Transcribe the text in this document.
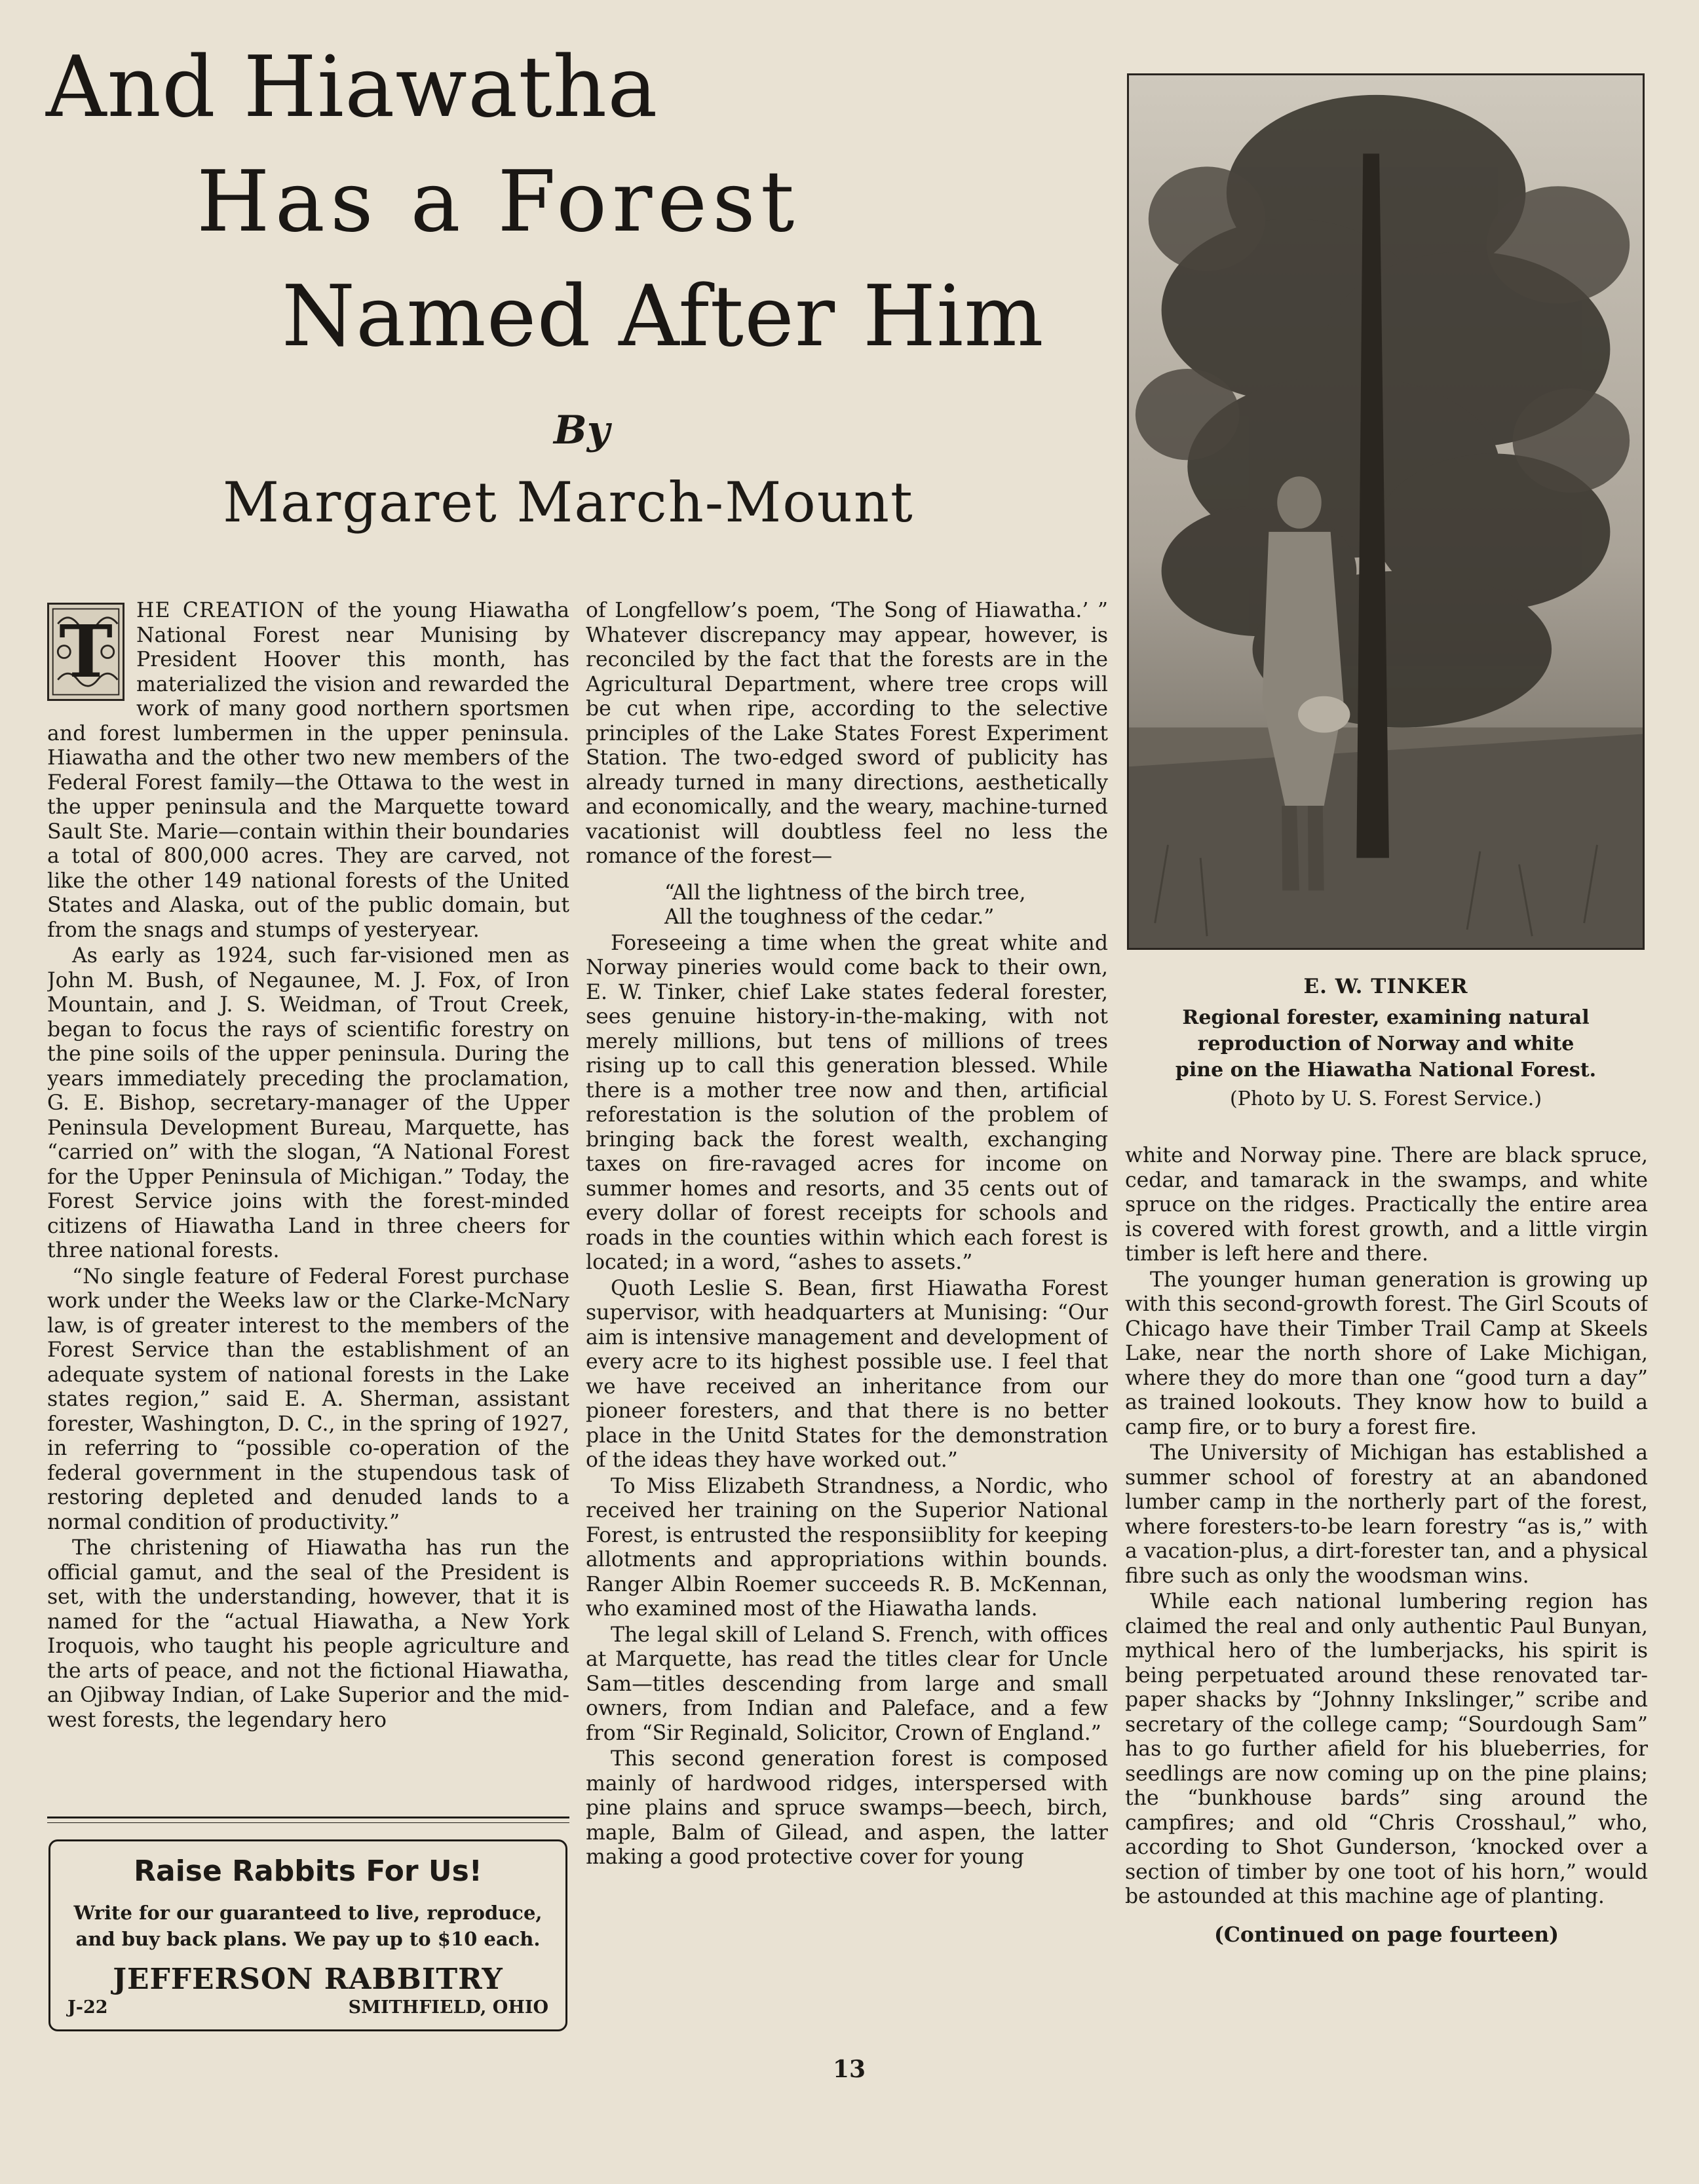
And Hiawatha
Has a Forest
Named After Him
By
Margaret March-Mount

T	HE CREATION of the young Hiawatha National Forest near Munising by President Hoover this month, has materialized the vision and rewarded the work of many good northern sportsmen and forest lumbermen in the upper peninsula. Hiawatha and the other two new members of the Federal Forest family—the Ottawa to the west in the upper peninsula and the Marquette toward Sault Ste. Marie—contain within their boundaries a total of 800,000 acres. They are carved, not like the other 149 national forests of the United States and Alaska, out of the public domain, but from the snags and stumps of yesteryear.

As early as 1924, such far-visioned men as John M. Bush, of Negaunee, M. J. Fox, of Iron Mountain, and J. S. Weidman, of Trout Creek, began to focus the rays of scientific forestry on the pine soils of the upper peninsula. During the years immediately preceding the proclamation, G. E. Bishop, secretary-manager of the Upper Peninsula Development Bureau, Marquette, has “carried on” with the slogan, “A National Forest for the Upper Peninsula of Michigan.” Today, the Forest Service joins with the forest-minded citizens of Hiawatha Land in three cheers for three national forests.

“No single feature of Federal Forest purchase work under the Weeks law or the Clarke-McNary law, is of greater interest to the members of the Forest Service than the establishment of an adequate system of national forests in the Lake states region,” said E. A. Sherman, assistant forester, Washington, D. C., in the spring of 1927, in referring to “possible co-operation of the federal government in the stupendous task of restoring depleted and denuded lands to a normal condition of productivity.”

The christening of Hiawatha has run the official gamut, and the seal of the President is set, with the understanding, however, that it is named for the “actual Hiawatha, a New York Iroquois, who taught his people agriculture and the arts of peace, and not the fictional Hiawatha, an Ojibway Indian, of Lake Superior and the mid-west forests, the legendary hero

Raise Rabbits For Us!
Write for our guaranteed to live, reproduce,
and buy back plans. We pay up to $10 each.
JEFFERSON RABBITRY
J-22	SMITHFIELD, OHIO

of Longfellow’s poem, ‘The Song of Hiawatha.’ ” Whatever discrepancy may appear, however, is reconciled by the fact that the forests are in the Agricultural Department, where tree crops will be cut when ripe, according to the selective principles of the Lake States Forest Experiment Station. The two-edged sword of publicity has already turned in many directions, aesthetically and economically, and the weary, machine-turned vacationist will doubtless feel no less the romance of the forest—

“All the lightness of the birch tree,
All the toughness of the cedar.”

Foreseeing a time when the great white and Norway pineries would come back to their own, E. W. Tinker, chief Lake states federal forester, sees genuine history-in-the-making, with not merely millions, but tens of millions of trees rising up to call this generation blessed. While there is a mother tree now and then, artificial reforestation is the solution of the problem of bringing back the forest wealth, exchanging taxes on fire-ravaged acres for income on summer homes and resorts, and 35 cents out of every dollar of forest receipts for schools and roads in the counties within which each forest is located; in a word, “ashes to assets.”

Quoth Leslie S. Bean, first Hiawatha Forest supervisor, with headquarters at Munising: “Our aim is intensive management and development of every acre to its highest possible use. I feel that we have received an inheritance from our pioneer foresters, and that there is no better place in the Unitd States for the demonstration of the ideas they have worked out.”

To Miss Elizabeth Strandness, a Nordic, who received her training on the Superior National Forest, is entrusted the responsiiblity for keeping allotments and appropriations within bounds. Ranger Albin Roemer succeeds R. B. McKennan, who examined most of the Hiawatha lands.

The legal skill of Leland S. French, with offices at Marquette, has read the titles clear for Uncle Sam—titles descending from large and small owners, from Indian and Paleface, and a few from “Sir Reginald, Solicitor, Crown of England.”

This second generation forest is composed mainly of hardwood ridges, interspersed with pine plains and spruce swamps—beech, birch, maple, Balm of Gilead, and aspen, the latter making a good protective cover for young

E. W. TINKER
Regional forester, examining natural
reproduction of Norway and white
pine on the Hiawatha National Forest.
(Photo by U. S. Forest Service.)

white and Norway pine. There are black spruce, cedar, and tamarack in the swamps, and white spruce on the ridges. Practically the entire area is covered with forest growth, and a little virgin timber is left here and there.

The younger human generation is growing up with this second-growth forest. The Girl Scouts of Chicago have their Timber Trail Camp at Skeels Lake, near the north shore of Lake Michigan, where they do more than one “good turn a day” as trained lookouts. They know how to build a camp fire, or to bury a forest fire.

The University of Michigan has established a summer school of forestry at an abandoned lumber camp in the northerly part of the forest, where foresters-to-be learn forestry “as is,” with a vacation-plus, a dirt-forester tan, and a physical fibre such as only the woodsman wins.

While each national lumbering region has claimed the real and only authentic Paul Bunyan, mythical hero of the lumberjacks, his spirit is being perpetuated around these renovated tar-paper shacks by “Johnny Inkslinger,” scribe and secretary of the college camp; “Sourdough Sam” has to go further afield for his blueberries, for seedlings are now coming up on the pine plains; the “bunkhouse bards” sing around the campfires; and old “Chris Crosshaul,” who, according to Shot Gunderson, ‘knocked over a section of timber by one toot of his horn,” would be astounded at this machine age of planting.

(Continued on page fourteen)

13
